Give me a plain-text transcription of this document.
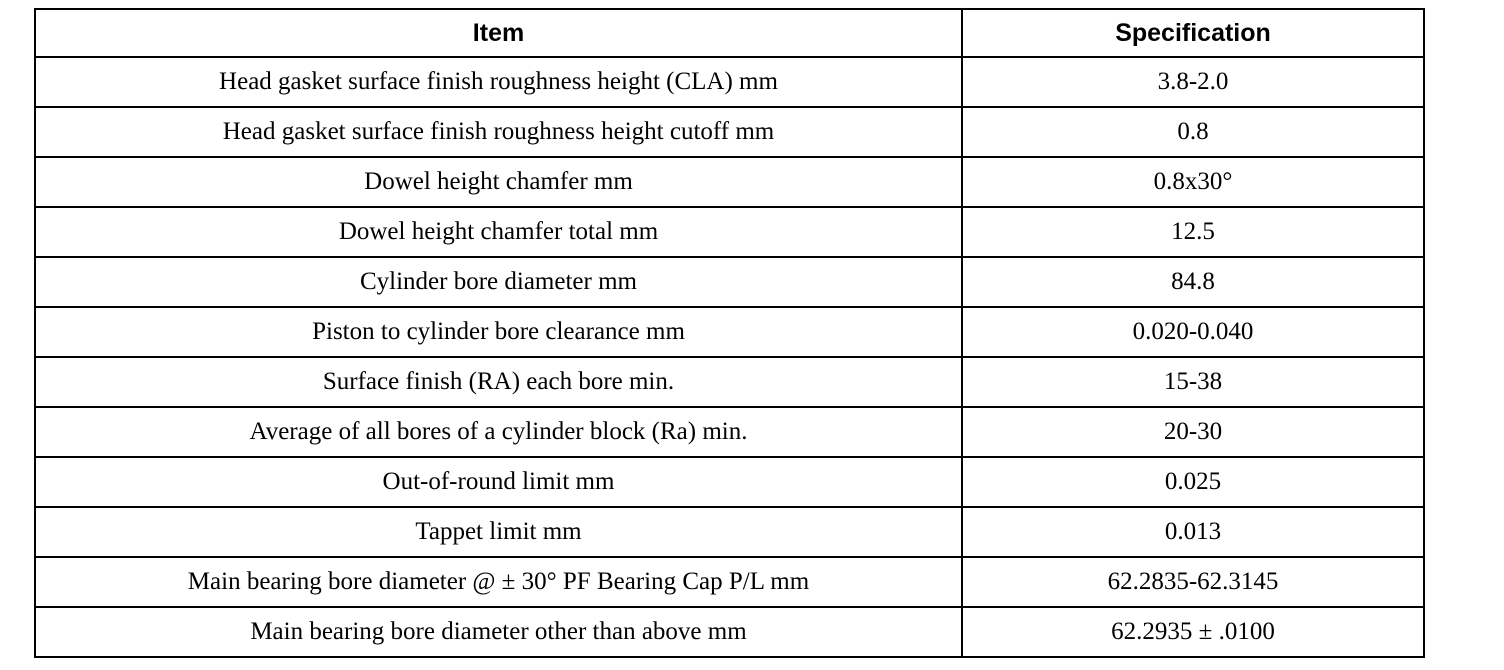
Item	Specification
Head gasket surface finish roughness height (CLA) mm	3.8-2.0
Head gasket surface finish roughness height cutoff mm	0.8
Dowel height chamfer mm	0.8x30°
Dowel height chamfer total mm	12.5
Cylinder bore diameter mm	84.8
Piston to cylinder bore clearance mm	0.020-0.040
Surface finish (RA) each bore min.	15-38
Average of all bores of a cylinder block (Ra) min.	20-30
Out-of-round limit mm	0.025
Tappet limit mm	0.013
Main bearing bore diameter @ ± 30° PF Bearing Cap P/L mm	62.2835-62.3145
Main bearing bore diameter other than above mm	62.2935 ± .0100
